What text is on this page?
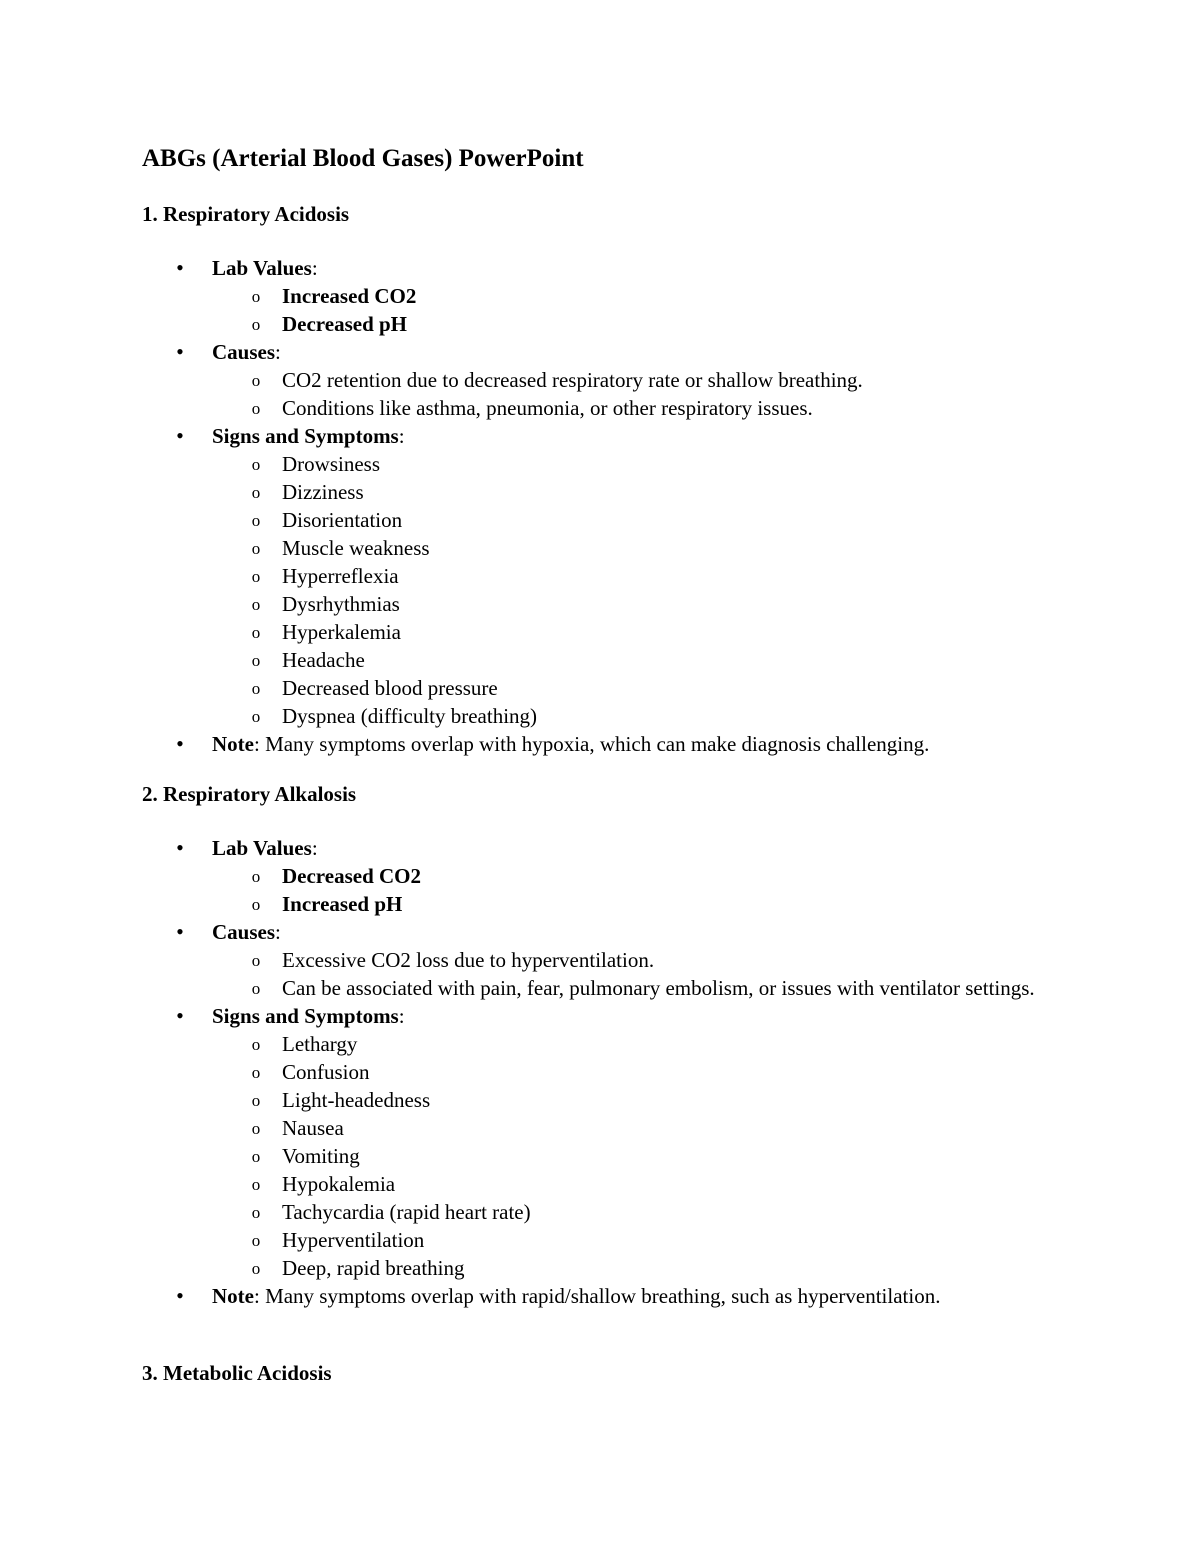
ABGs (Arterial Blood Gases) PowerPoint

1. Respiratory Acidosis

• Lab Values:
o Increased CO2
o Decreased pH
• Causes:
o CO2 retention due to decreased respiratory rate or shallow breathing.
o Conditions like asthma, pneumonia, or other respiratory issues.
• Signs and Symptoms:
o Drowsiness
o Dizziness
o Disorientation
o Muscle weakness
o Hyperreflexia
o Dysrhythmias
o Hyperkalemia
o Headache
o Decreased blood pressure
o Dyspnea (difficulty breathing)
• Note: Many symptoms overlap with hypoxia, which can make diagnosis challenging.

2. Respiratory Alkalosis

• Lab Values:
o Decreased CO2
o Increased pH
• Causes:
o Excessive CO2 loss due to hyperventilation.
o Can be associated with pain, fear, pulmonary embolism, or issues with ventilator settings.
• Signs and Symptoms:
o Lethargy
o Confusion
o Light-headedness
o Nausea
o Vomiting
o Hypokalemia
o Tachycardia (rapid heart rate)
o Hyperventilation
o Deep, rapid breathing
• Note: Many symptoms overlap with rapid/shallow breathing, such as hyperventilation.

3. Metabolic Acidosis
